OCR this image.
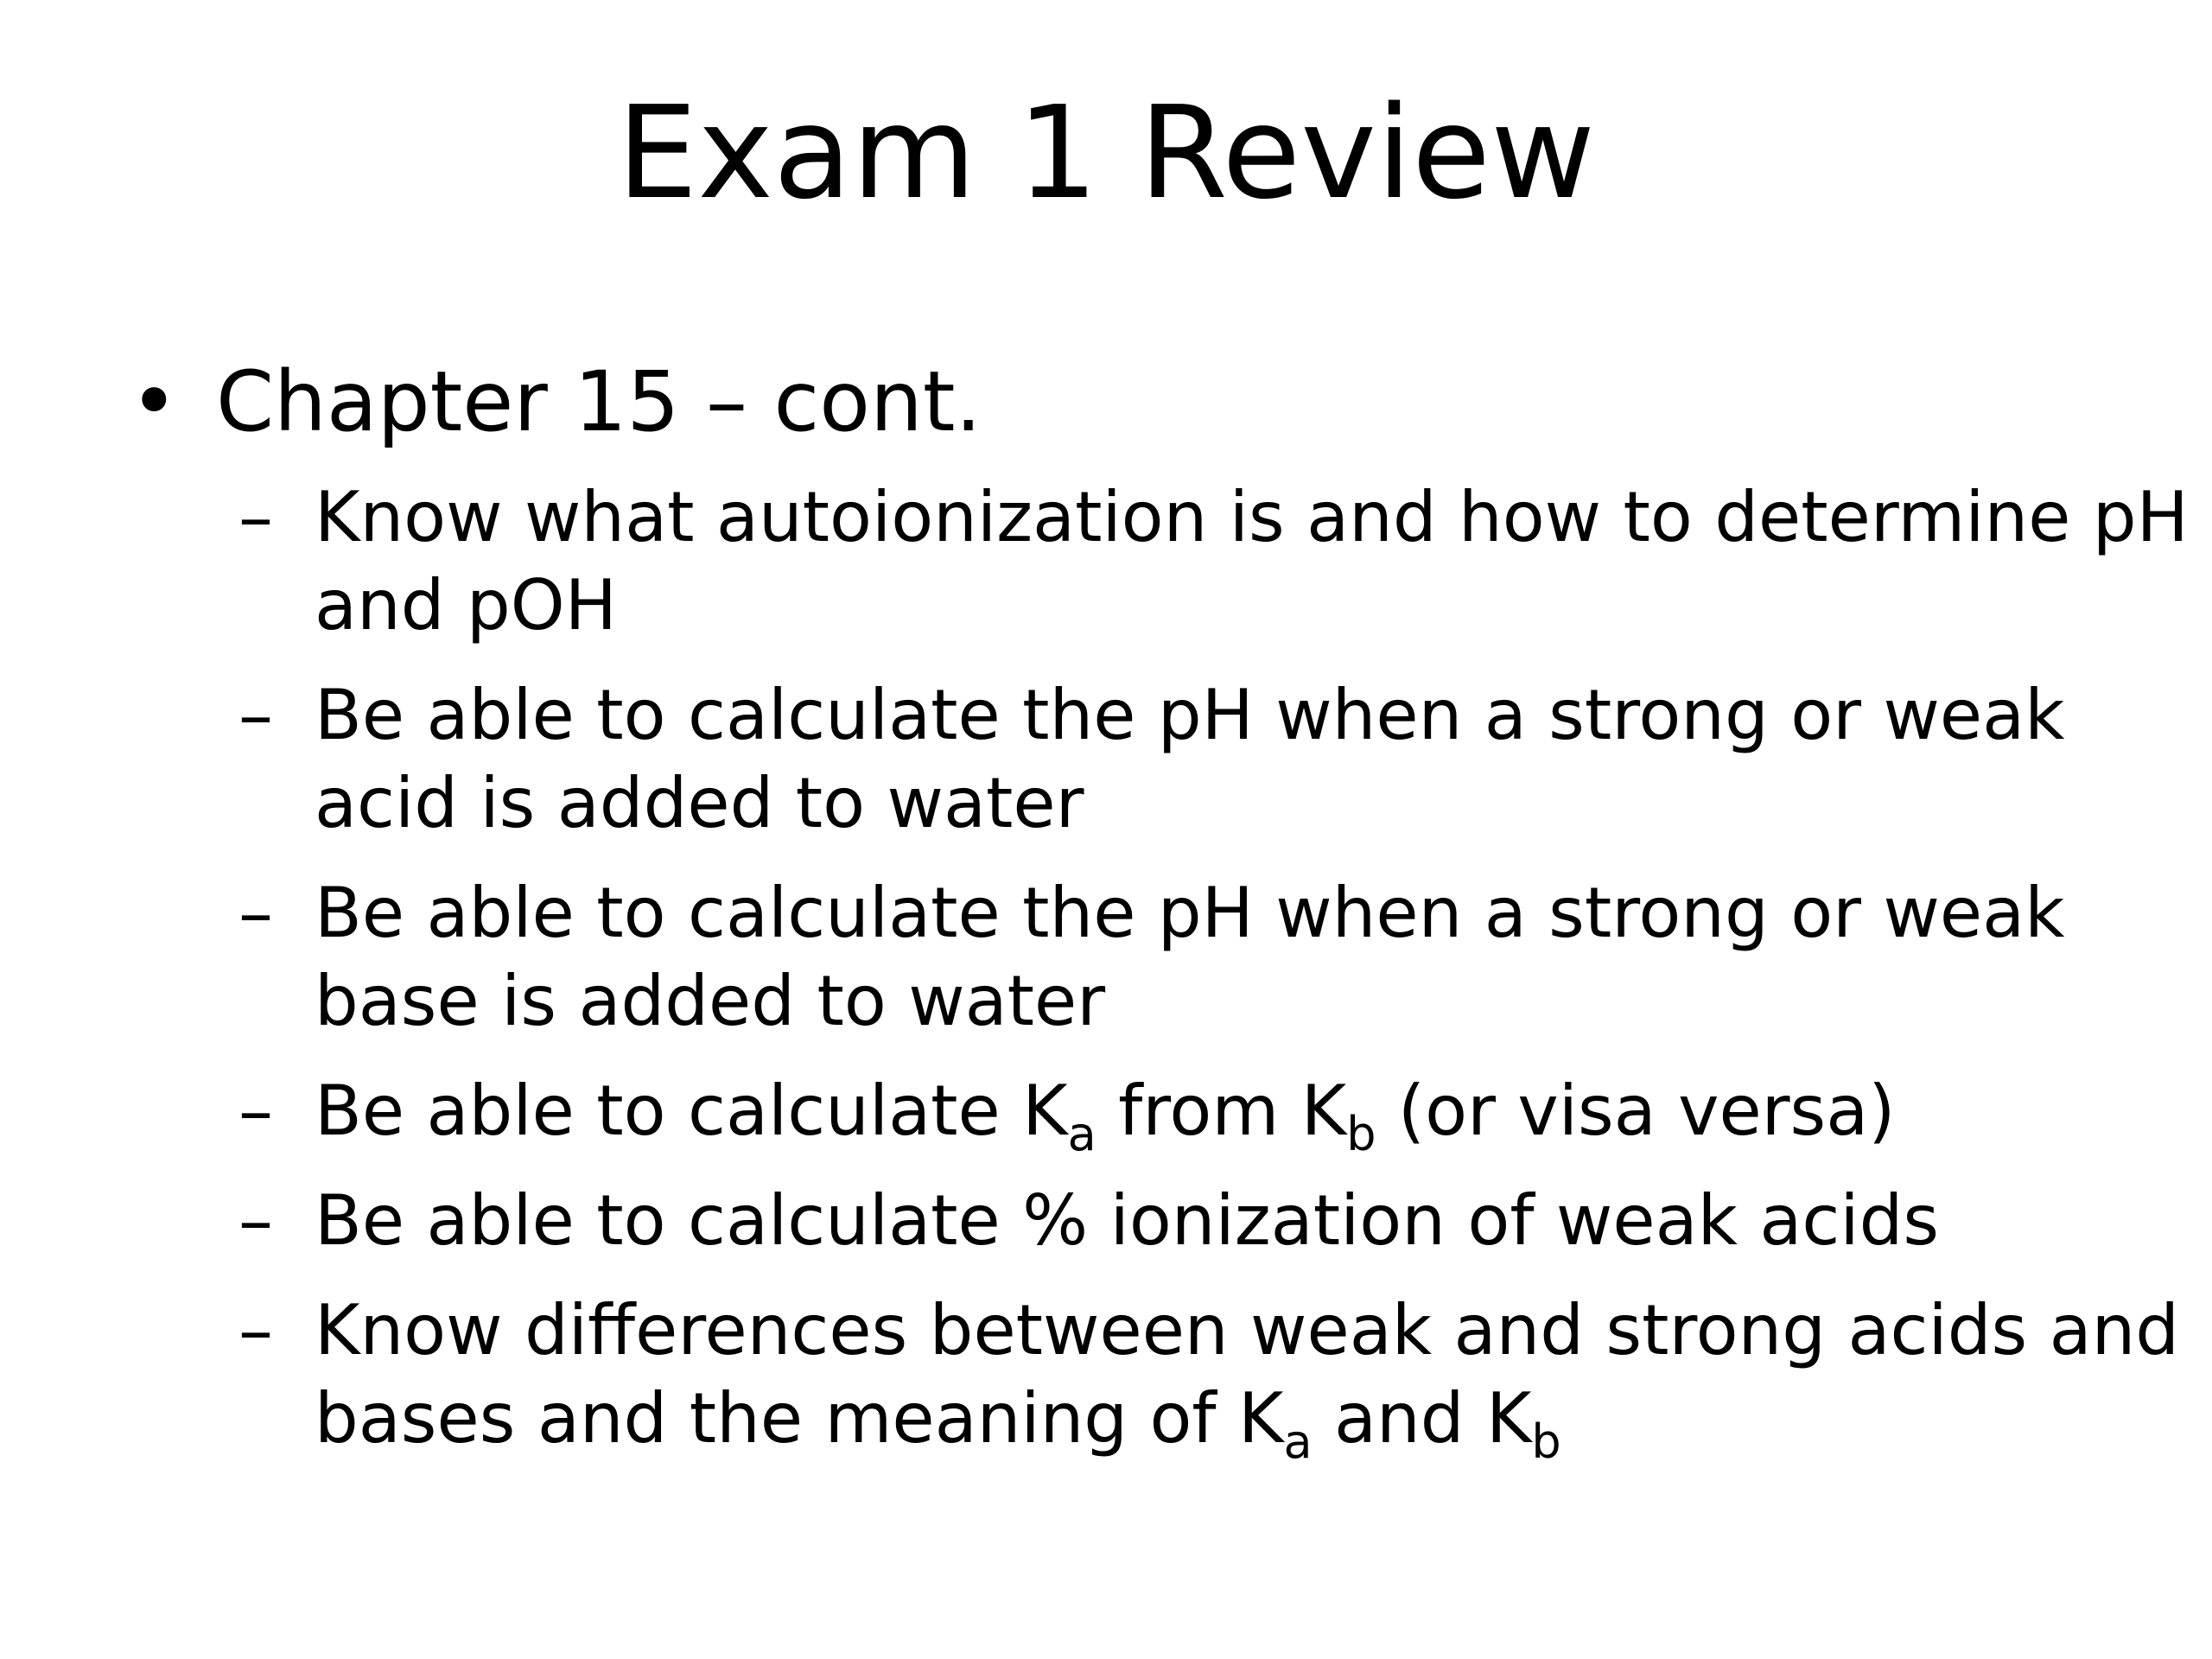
Exam 1 Review
• Chapter 15 – cont.
– Know what autoionization is and how to determine pH
and pOH
– Be able to calculate the pH when a strong or weak
acid is added to water
– Be able to calculate the pH when a strong or weak
base is added to water
– Be able to calculate $K_a$ from $K_b$ (or visa versa)
– Be able to calculate % ionization of weak acids
– Know differences between weak and strong acids and
bases and the meaning of $K_a$ and $K_b$
